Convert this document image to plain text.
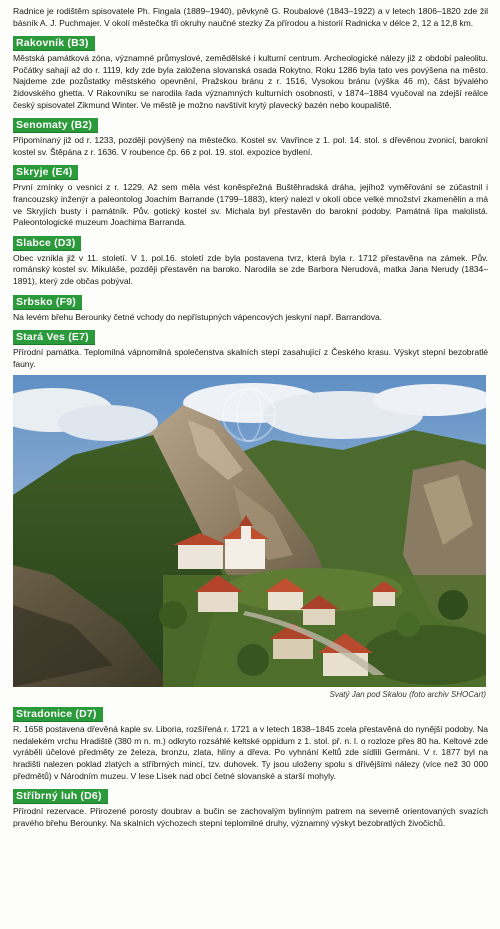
Radnice je rodištěm spisovatele Ph. Fingala (1889–1940), pěvkyně G. Roubalové (1843–1922) a v letech 1806–1820 zde žil básník A. J. Puchmajer. V okolí městečka tři okruhy naučné stezky Za přírodou a historií Radnicka v délce 2, 12 a 12,8 km.

Rakovník (B3)

Městská památková zóna, významné průmyslové, zemědělské i kulturní centrum. Archeologické nálezy již z období paleolitu. Počátky sahají až do r. 1119, kdy zde byla založena slovanská osada Rokytno. Roku 1286 byla tato ves povýšena na město. Najdeme zde pozůstatky městského opevnění, Pražskou bránu z r. 1516, Vysokou bránu (výška 46 m), část bývalého židovského ghetta. V Rakovníku se narodila řada významných kulturních osobností, v 1874–1884 vyučoval na zdejší reálce český spisovatel Zikmund Winter. Ve městě je možno navštívit krytý plavecký bazén nebo koupaliště.

Senomaty (B2)

Připomínaný již od r. 1233, později povýšený na městečko. Kostel sv. Vavřince z 1. pol. 14. stol. s dřevěnou zvonicí, barokní kostel sv. Štěpána z r. 1636. V roubence čp. 66 z pol. 19. stol. expozice bydlení.

Skryje (E4)

První zmínky o vesnici z r. 1229. Až sem měla vést koněspřežná Buštěhradská dráha, jejíhož vyměřování se zúčastnil i francouzský inženýr a paleontolog Joachim Barrande (1799–1883), který nalezl v okolí obce velké množství zkamenělin a má ve Skryjích busty i památník. Pův. gotický kostel sv. Michala byl přestavěn do barokní podoby. Památná lípa malolistá. Paleontologické muzeum Joachima Barranda.

Slabce (D3)

Obec vznikla již v 11. století. V 1. pol.16. století zde byla postavena tvrz, která byla r. 1712 přestavěna na zámek. Pův. románský kostel sv. Mikuláše, později přestavěn na baroko. Narodila se zde Barbora Nerudová, matka Jana Nerudy (1834–1891), který zde občas pobýval.

Srbsko (F9)

Na levém břehu Berounky četné vchody do nepřístupných vápencových jeskyní např. Barrandova.

Stará Ves (E7)

Přírodní památka. Teplomilná vápnomilná společenstva skalních stepí zasahující z Českého krasu. Výskyt stepní bezobratlé fauny.

Svatý Jan pod Skalou (foto archiv SHOCart)
Stradonice (D7)

R. 1658 postavena dřevěná kaple sv. Liboria, rozšířená r. 1721 a v letech 1838–1845 zcela přestavěná do nynější podoby. Na nedalekém vrchu Hradiště (380 m n. m.) odkryto rozsáhlé keltské oppidum z 1. stol. př. n. l. o rozloze přes 80 ha. Keltové zde vyráběli účelové předměty ze železa, bronzu, zlata, hlíny a dřeva. Po vyhnání Keltů zde sídlili Germáni. V r. 1877 byl na hradišti nalezen poklad zlatých a stříbrných mincí, tzv. duhovek. Ty jsou uloženy spolu s dřívějšími nálezy (více než 30 000 předmětů) v Národním muzeu. V lese Lísek nad obcí četné slovanské a starší mohyly.

Stříbrný luh (D6)

Přírodní rezervace. Přirozené porosty doubrav a bučin se zachovalým bylinným patrem na severně orientovaných svazích pravého břehu Berounky. Na skalních výchozech stepní teplomilné druhy, významný výskyt bezobratlých živočichů.
